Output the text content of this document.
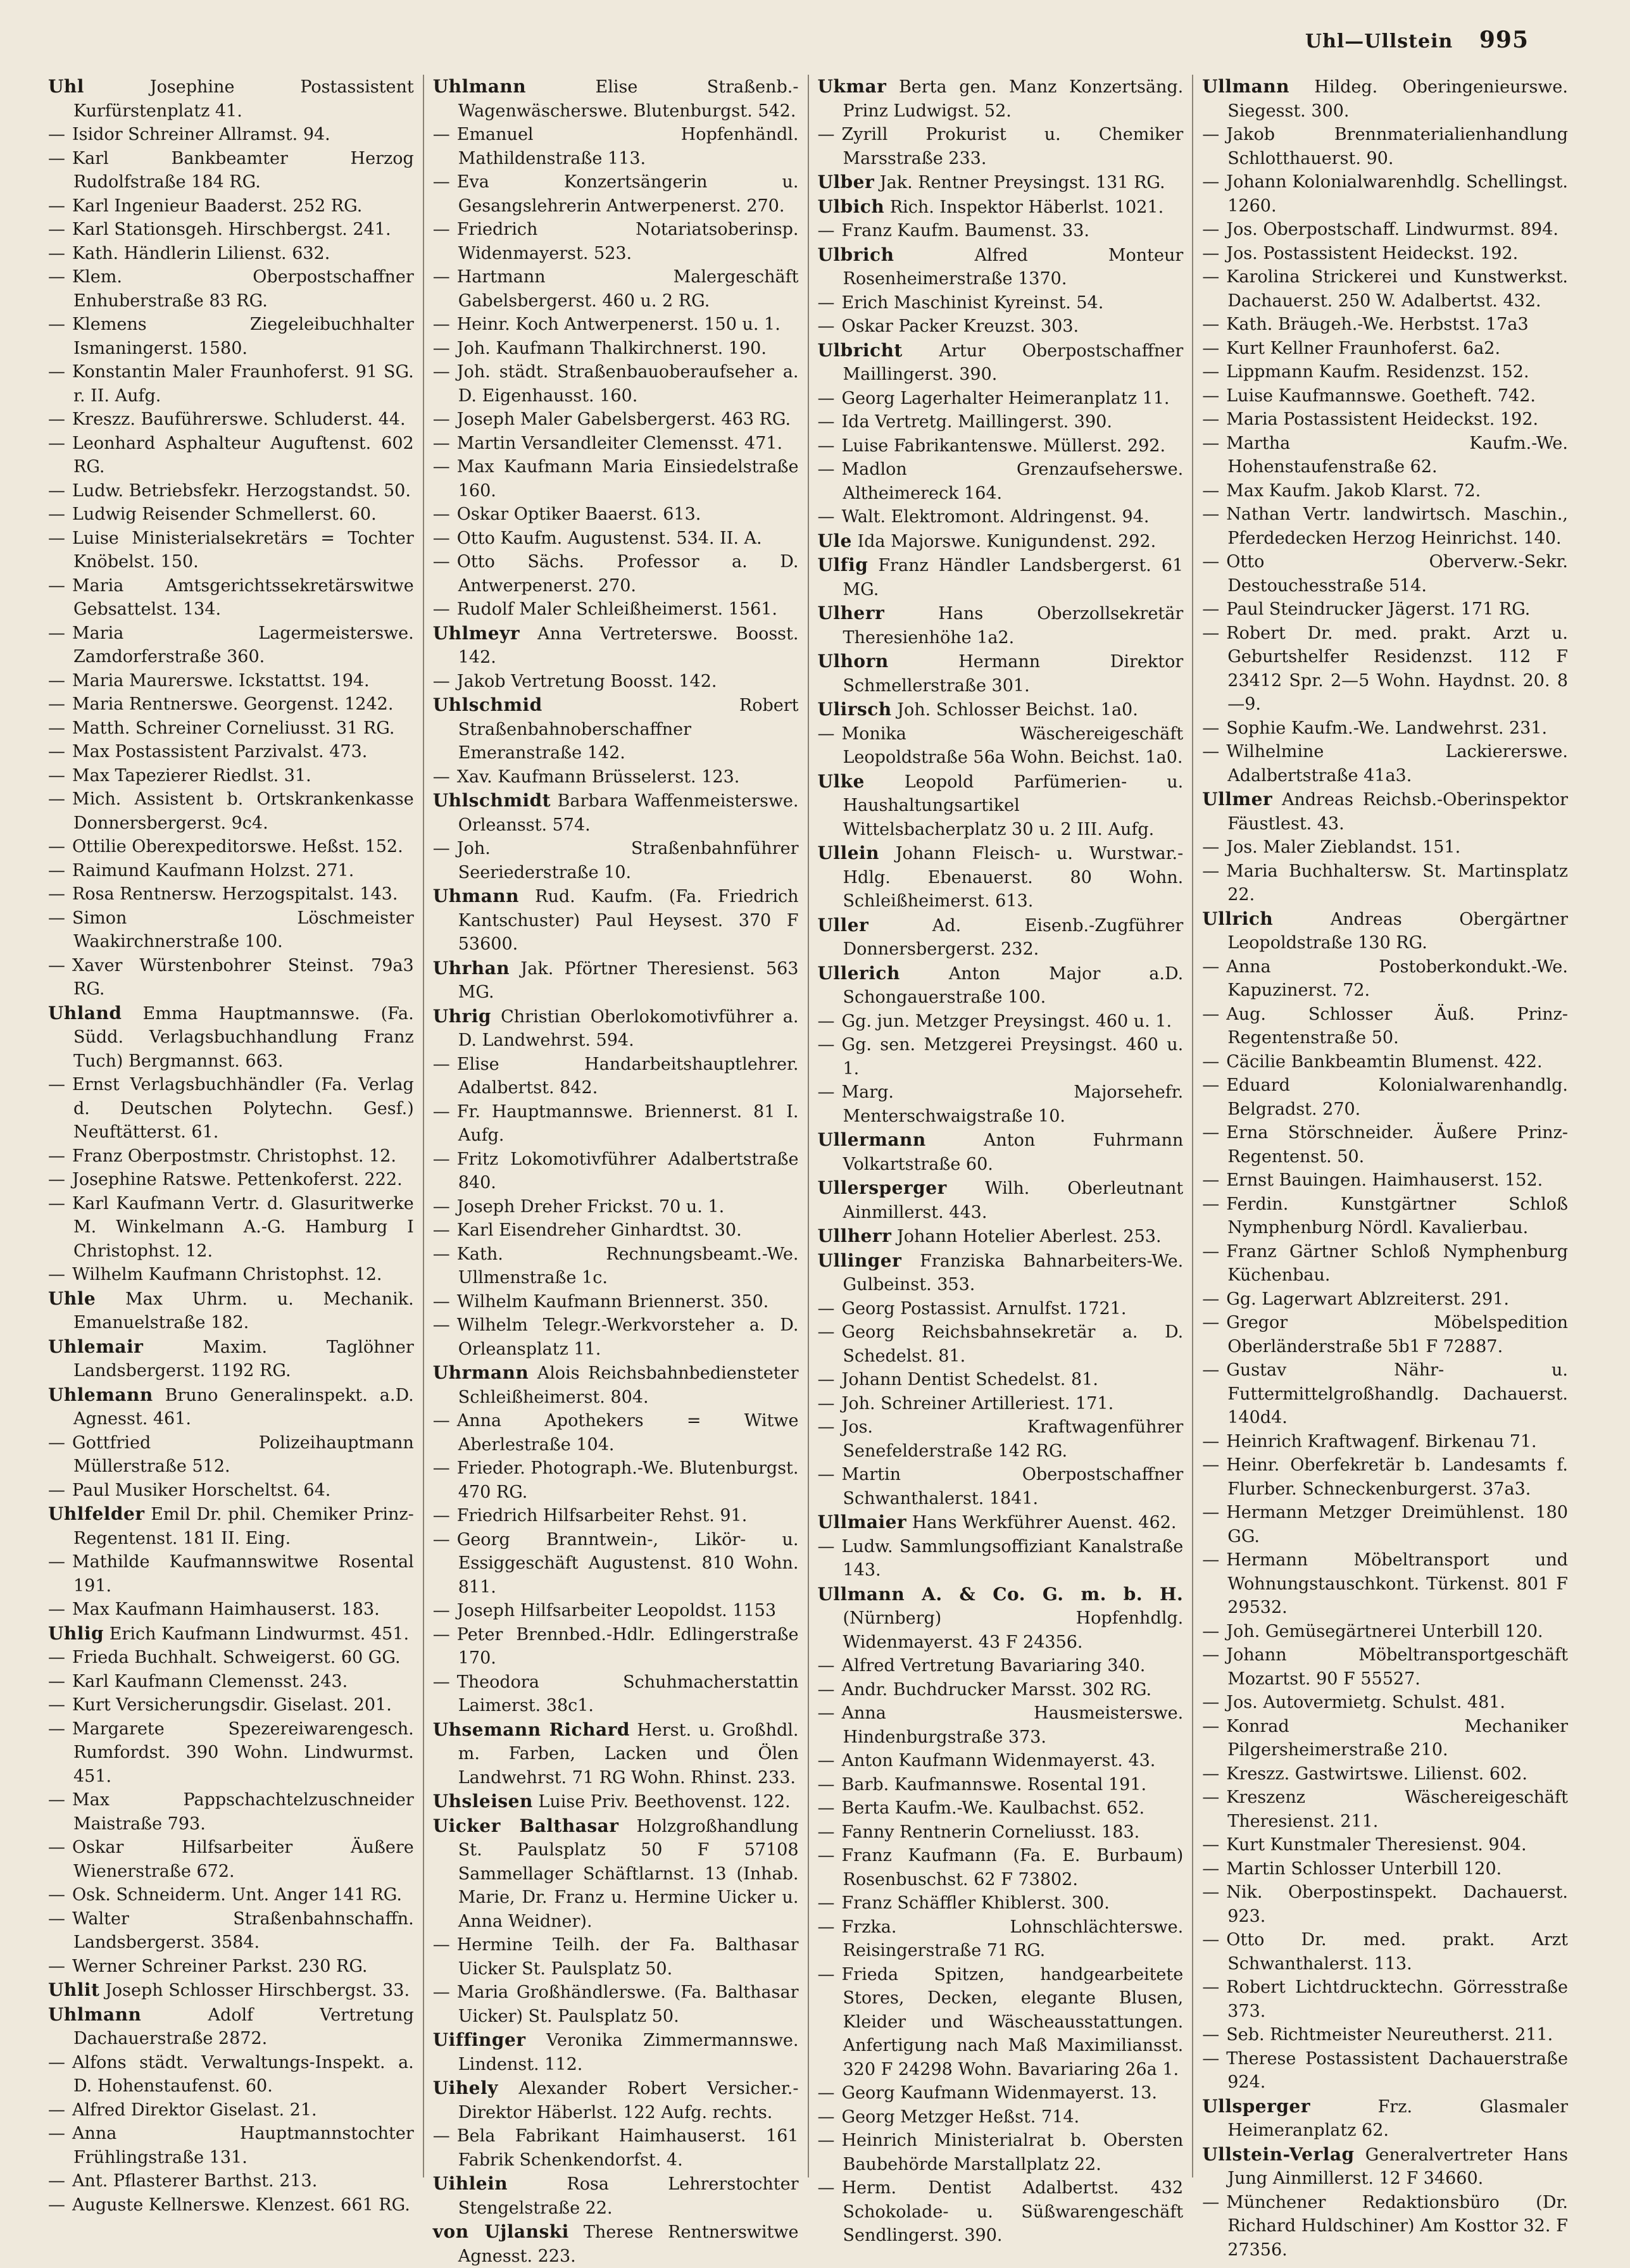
Uhl—Ullstein 995

Uhl	Josephine Postassistent Kurfürstenplatz 41.

— Isidor Schreiner Allramst. 94.

— Karl Bankbeamter Herzog Rudolfstraße 184 RG.

— Karl Ingenieur Baaderst. 252 RG.

— Karl Stationsgeh. Hirschbergst. 241.

— Kath. Händlerin Lilienst. 632.

— Klem. Oberpostschaffner Enhuberstraße 83 RG.

— Klemens Ziegeleibuchhalter Ismaningerst. 1580.

— Konstantin Maler Fraunhoferst. 91 SG. r. II. Aufg.

— Kreszz. Bauführerswe. Schluderst. 44.

— Leonhard Asphalteur Auguftenst. 602 RG.

— Ludw. Betriebsfekr. Herzogstandst. 50.

— Ludwig Reisender Schmellerst. 60.

— Luise Ministerialsekretärs = Tochter Knöbelst. 150.

— Maria Amtsgerichtssekretärswitwe Gebsattelst. 134.

— Maria Lagermeisterswe. Zamdorferstraße 360.

— Maria Maurerswe. Ickstattst. 194.

— Maria Rentnerswe. Georgenst. 1242.

— Matth. Schreiner Corneliusst. 31 RG.

— Max Postassistent Parzivalst. 473.

— Max Tapezierer Riedlst. 31.

— Mich. Assistent b. Ortskrankenkasse Donnersbergerst. 9c4.

— Ottilie Oberexpeditorswe. Heßst. 152.

— Raimund Kaufmann Holzst. 271.

— Rosa Rentnersw. Herzogspitalst. 143.

— Simon Löschmeister Waakirchnerstraße 100.

— Xaver Würstenbohrer Steinst. 79a3 RG.

Uhland Emma Hauptmannswe. (Fa. Südd. Verlagsbuchhandlung Franz Tuch) Bergmannst. 663.

— Ernst Verlagsbuchhändler (Fa. Verlag d. Deutschen Polytechn. Gesf.) Neuftätterst. 61.

— Franz Oberpostmstr. Christophst. 12.

— Josephine Ratswe. Pettenkoferst. 222.

— Karl Kaufmann Vertr. d. Glasuritwerke M. Winkelmann A.-G. Hamburg I Christophst. 12.

— Wilhelm Kaufmann Christophst. 12.

Uhle Max Uhrm. u. Mechanik. Emanuelstraße 182.

Uhlemair	Maxim. Taglöhner Landsbergerst. 1192 RG.

Uhlemann Bruno Generalinspekt. a.D. Agnesst. 461.

— Gottfried Polizeihauptmann Müllerstraße 512.

— Paul Musiker Horscheltst. 64.

Uhlfelder Emil Dr. phil. Chemiker Prinz-Regentenst. 181 II. Eing.

— Mathilde Kaufmannswitwe Rosental 191.

— Max Kaufmann Haimhauserst. 183.

Uhlig Erich Kaufmann Lindwurmst. 451.

— Frieda Buchhalt. Schweigerst. 60 GG.

— Karl Kaufmann Clemensst. 243.

— Kurt Versicherungsdir. Giselast. 201.

— Margarete Spezereiwarengesch. Rumfordst. 390 Wohn. Lindwurmst. 451.

— Max Pappschachtelzuschneider Maistraße 793.

— Oskar Hilfsarbeiter Äußere Wienerstraße 672.

— Osk. Schneiderm. Unt. Anger 141 RG.

— Walter Straßenbahnschaffn. Landsbergerst. 3584.

— Werner Schreiner Parkst. 230 RG.

Uhlit Joseph Schlosser Hirschbergst. 33.

Uhlmann	Adolf Vertretung Dachauerstraße 2872.

— Alfons städt. Verwaltungs-Inspekt. a. D. Hohenstaufenst. 60.

— Alfred Direktor Giselast. 21.

— Anna Hauptmannstochter Frühlingstraße 131.

— Ant. Pflasterer Barthst. 213.

— Auguste Kellnerswe. Klenzest. 661 RG.

Uhlmann	Elise Straßenb.-Wagenwäscherswe. Blutenburgst. 542.

— Emanuel Hopfenhändl. Mathildenstraße 113.

— Eva Konzertsängerin u. Gesangslehrerin Antwerpenerst. 270.

— Friedrich Notariatsoberinsp. Widenmayerst. 523.

— Hartmann Malergeschäft Gabelsbergerst. 460 u. 2 RG.

— Heinr. Koch Antwerpenerst. 150 u. 1.

— Joh. Kaufmann Thalkirchnerst. 190.

— Joh. städt. Straßenbauoberaufseher a. D. Eigenhausst. 160.

— Joseph Maler Gabelsbergerst. 463 RG.

— Martin Versandleiter Clemensst. 471.

— Max Kaufmann Maria Einsiedelstraße 160.

— Oskar Optiker Baaerst. 613.

— Otto Kaufm. Augustenst. 534. II. A.

— Otto Sächs. Professor a. D. Antwerpenerst. 270.

— Rudolf Maler Schleißheimerst. 1561.

Uhlmeyr Anna Vertreterswe. Boosst. 142.

— Jakob Vertretung Boosst. 142.

Uhlschmid	Robert Straßenbahnoberschaffner Emeranstraße 142.

— Xav. Kaufmann Brüsselerst. 123.

Uhlschmidt Barbara Waffenmeisterswe. Orleansst. 574.

— Joh. Straßenbahnführer Seeriederstraße 10.

Uhmann Rud. Kaufm. (Fa. Friedrich Kantschuster) Paul Heysest. 370 F 53600.

Uhrhan Jak. Pförtner Theresienst. 563 MG.

Uhrig Christian Oberlokomotivführer a. D. Landwehrst. 594.

— Elise Handarbeitshauptlehrer. Adalbertst. 842.

— Fr. Hauptmannswe. Briennerst. 81 I. Aufg.

— Fritz Lokomotivführer Adalbertstraße 840.

— Joseph Dreher Frickst. 70 u. 1.

— Karl Eisendreher Ginhardtst. 30.

— Kath. Rechnungsbeamt.-We. Ullmenstraße 1c.

— Wilhelm Kaufmann Briennerst. 350.

— Wilhelm Telegr.-Werkvorsteher a. D. Orleansplatz 11.

Uhrmann Alois Reichsbahnbediensteter Schleißheimerst. 804.

— Anna Apothekers = Witwe Aberlestraße 104.

— Frieder. Photograph.-We. Blutenburgst. 470 RG.

— Friedrich Hilfsarbeiter Rehst. 91.

— Georg Branntwein-, Likör- u. Essiggeschäft Augustenst. 810 Wohn. 811.

— Joseph Hilfsarbeiter Leopoldst. 1153

— Peter Brennbed.-Hdlr. Edlingerstraße 170.

— Theodora Schuhmacherstattin Laimerst. 38c1.

Uhsemann Richard Herst. u. Großhdl. m. Farben, Lacken und Ölen Landwehrst. 71 RG Wohn. Rhinst. 233.

Uhsleisen Luise Priv. Beethovenst. 122.

Uicker Balthasar Holzgroßhandlung St. Paulsplatz 50 F 57108 Sammellager Schäftlarnst. 13 (Inhab. Marie, Dr. Franz u. Hermine Uicker u. Anna Weidner).

— Hermine Teilh. der Fa. Balthasar Uicker St. Paulsplatz 50.

— Maria Großhändlerswe. (Fa. Balthasar Uicker) St. Paulsplatz 50.

Uiffinger Veronika Zimmermannswe. Lindenst. 112.

Uihely Alexander Robert Versicher.-Direktor Häberlst. 122 Aufg. rechts.

— Bela Fabrikant Haimhauserst. 161 Fabrik Schenkendorfst. 4.

Uihlein	Rosa Lehrerstochter Stengelstraße 22.

von Ujlanski Therese Rentnerswitwe Agnesst. 223.

Ukmar Berta gen. Manz Konzertsäng. Prinz Ludwigst. 52.

— Zyrill Prokurist u. Chemiker Marsstraße 233.

Ulber Jak. Rentner Preysingst. 131 RG.

Ulbich Rich. Inspektor Häberlst. 1021.

— Franz Kaufm. Baumenst. 33.

Ulbrich	Alfred Monteur Rosenheimerstraße 1370.

— Erich Maschinist Kyreinst. 54.

— Oskar Packer Kreuzst. 303.

Ulbricht Artur Oberpostschaffner Maillingerst. 390.

— Georg Lagerhalter Heimeranplatz 11.

— Ida Vertretg. Maillingerst. 390.

— Luise Fabrikantenswe. Müllerst. 292.

— Madlon Grenzaufseherswe. Altheimereck 164.

— Walt. Elektromont. Aldringenst. 94.

Ule Ida Majorswe. Kunigundenst. 292.

Ulfig Franz Händler Landsbergerst. 61 MG.

Ulherr	Hans Oberzollsekretär Theresienhöhe 1a2.

Ulhorn	Hermann Direktor Schmellerstraße 301.

Ulirsch Joh. Schlosser Beichst. 1a0.

— Monika Wäschereigeschäft Leopoldstraße 56a Wohn. Beichst. 1a0.

Ulke Leopold Parfümerien- u. Haushaltungsartikel Wittelsbacherplatz 30 u. 2 III. Aufg.

Ullein Johann Fleisch- u. Wurstwar.-Hdlg. Ebenauerst. 80 Wohn. Schleißheimerst. 613.

Uller	Ad. Eisenb.-Zugführer Donnersbergerst. 232.

Ullerich	Anton Major a.D. Schongauerstraße 100.

— Gg. jun. Metzger Preysingst. 460 u. 1.

— Gg. sen. Metzgerei Preysingst. 460 u. 1.

— Marg. Majorsehefr. Menterschwaigstraße 10.

Ullermann	Anton Fuhrmann Volkartstraße 60.

Ullersperger Wilh. Oberleutnant Ainmillerst. 443.

Ullherr Johann Hotelier Aberlest. 253.

Ullinger Franziska Bahnarbeiters-We. Gulbeinst. 353.

— Georg Postassist. Arnulfst. 1721.

— Georg Reichsbahnsekretär a. D. Schedelst. 81.

— Johann Dentist Schedelst. 81.

— Joh. Schreiner Artilleriest. 171.

— Jos. Kraftwagenführer Senefelderstraße 142 RG.

— Martin Oberpostschaffner Schwanthalerst. 1841.

Ullmaier Hans Werkführer Auenst. 462.

— Ludw. Sammlungsoffiziant Kanalstraße 143.

Ullmann A. & Co. G. m. b. H. (Nürnberg) Hopfenhdlg. Widenmayerst. 43 F 24356.

— Alfred Vertretung Bavariaring 340.

— Andr. Buchdrucker Marsst. 302 RG.

— Anna Hausmeisterswe. Hindenburgstraße 373.

— Anton Kaufmann Widenmayerst. 43.

— Barb. Kaufmannswe. Rosental 191.

— Berta Kaufm.-We. Kaulbachst. 652.

— Fanny Rentnerin Corneliusst. 183.

— Franz Kaufmann (Fa. E. Burbaum) Rosenbuschst. 62 F 73802.

— Franz Schäffler Khiblerst. 300.

— Frzka. Lohnschlächterswe. Reisingerstraße 71 RG.

— Frieda Spitzen, handgearbeitete Stores, Decken, elegante Blusen, Kleider und Wäscheausstattungen. Anfertigung nach Maß Maximiliansst. 320 F 24298 Wohn. Bavariaring 26a 1.

— Georg Kaufmann Widenmayerst. 13.

— Georg Metzger Heßst. 714.

— Heinrich Ministerialrat b. Obersten Baubehörde Marstallplatz 22.

— Herm. Dentist Adalbertst. 432 Schokolade- u. Süßwarengeschäft Sendlingerst. 390.

Ullmann Hildeg. Oberingenieurswe. Siegesst. 300.

— Jakob Brennmaterialienhandlung Schlotthauerst. 90.

— Johann Kolonialwarenhdlg. Schellingst. 1260.

— Jos. Oberpostschaff. Lindwurmst. 894.

— Jos. Postassistent Heideckst. 192.

— Karolina Strickerei und Kunstwerkst. Dachauerst. 250 W. Adalbertst. 432.

— Kath. Bräugeh.-We. Herbstst. 17a3

— Kurt Kellner Fraunhoferst. 6a2.

— Lippmann Kaufm. Residenzst. 152.

— Luise Kaufmannswe. Goetheft. 742.

— Maria Postassistent Heideckst. 192.

— Martha Kaufm.-We. Hohenstaufenstraße 62.

— Max Kaufm. Jakob Klarst. 72.

— Nathan Vertr. landwirtsch. Maschin., Pferdedecken Herzog Heinrichst. 140.

— Otto Oberverw.-Sekr. Destouchesstraße 514.

— Paul Steindrucker Jägerst. 171 RG.

— Robert Dr. med. prakt. Arzt u. Geburtshelfer Residenzst. 112 F 23412 Spr. 2—5 Wohn. Haydnst. 20. 8—9.

— Sophie Kaufm.-We. Landwehrst. 231.

— Wilhelmine Lackiererswe. Adalbertstraße 41a3.

Ullmer Andreas Reichsb.-Oberinspektor Fäustlest. 43.

— Jos. Maler Zieblandst. 151.

— Maria Buchhaltersw. St. Martinsplatz 22.

Ullrich	Andreas Obergärtner Leopoldstraße 130 RG.

— Anna Postoberkondukt.-We. Kapuzinerst. 72.

— Aug. Schlosser Äuß. Prinz-Regentenstraße 50.

— Cäcilie Bankbeamtin Blumenst. 422.

— Eduard Kolonialwarenhandlg. Belgradst. 270.

— Erna Störschneider. Äußere Prinz-Regentenst. 50.

— Ernst Bauingen. Haimhauserst. 152.

— Ferdin. Kunstgärtner Schloß Nymphenburg Nördl. Kavalierbau.

— Franz Gärtner Schloß Nymphenburg Küchenbau.

— Gg. Lagerwart Ablzreiterst. 291.

— Gregor Möbelspedition Oberländerstraße 5b1 F 72887.

— Gustav Nähr- u. Futtermittelgroßhandlg. Dachauerst. 140d4.

— Heinrich Kraftwagenf. Birkenau 71.

— Heinr. Oberfekretär b. Landesamts f. Flurber. Schneckenburgerst. 37a3.

— Hermann Metzger Dreimühlenst. 180 GG.

— Hermann Möbeltransport und Wohnungstauschkont. Türkenst. 801 F 29532.

— Joh. Gemüsegärtnerei Unterbill 120.

— Johann Möbeltransportgeschäft Mozartst. 90 F 55527.

— Jos. Autovermietg. Schulst. 481.

— Konrad Mechaniker Pilgersheimerstraße 210.

— Kreszz. Gastwirtswe. Lilienst. 602.

— Kreszenz Wäschereigeschäft Theresienst. 211.

— Kurt Kunstmaler Theresienst. 904.

— Martin Schlosser Unterbill 120.

— Nik. Oberpostinspekt. Dachauerst. 923.

— Otto Dr. med. prakt. Arzt Schwanthalerst. 113.

— Robert Lichtdrucktechn. Görresstraße 373.

— Seb. Richtmeister Neureutherst. 211.

— Therese Postassistent Dachauerstraße 924.

Ullsperger	Frz. Glasmaler Heimeranplatz 62.

Ullstein-Verlag Generalvertreter Hans Jung Ainmillerst. 12 F 34660.

— Münchener Redaktionsbüro (Dr. Richard Huldschiner) Am Kosttor 32. F 27356.
